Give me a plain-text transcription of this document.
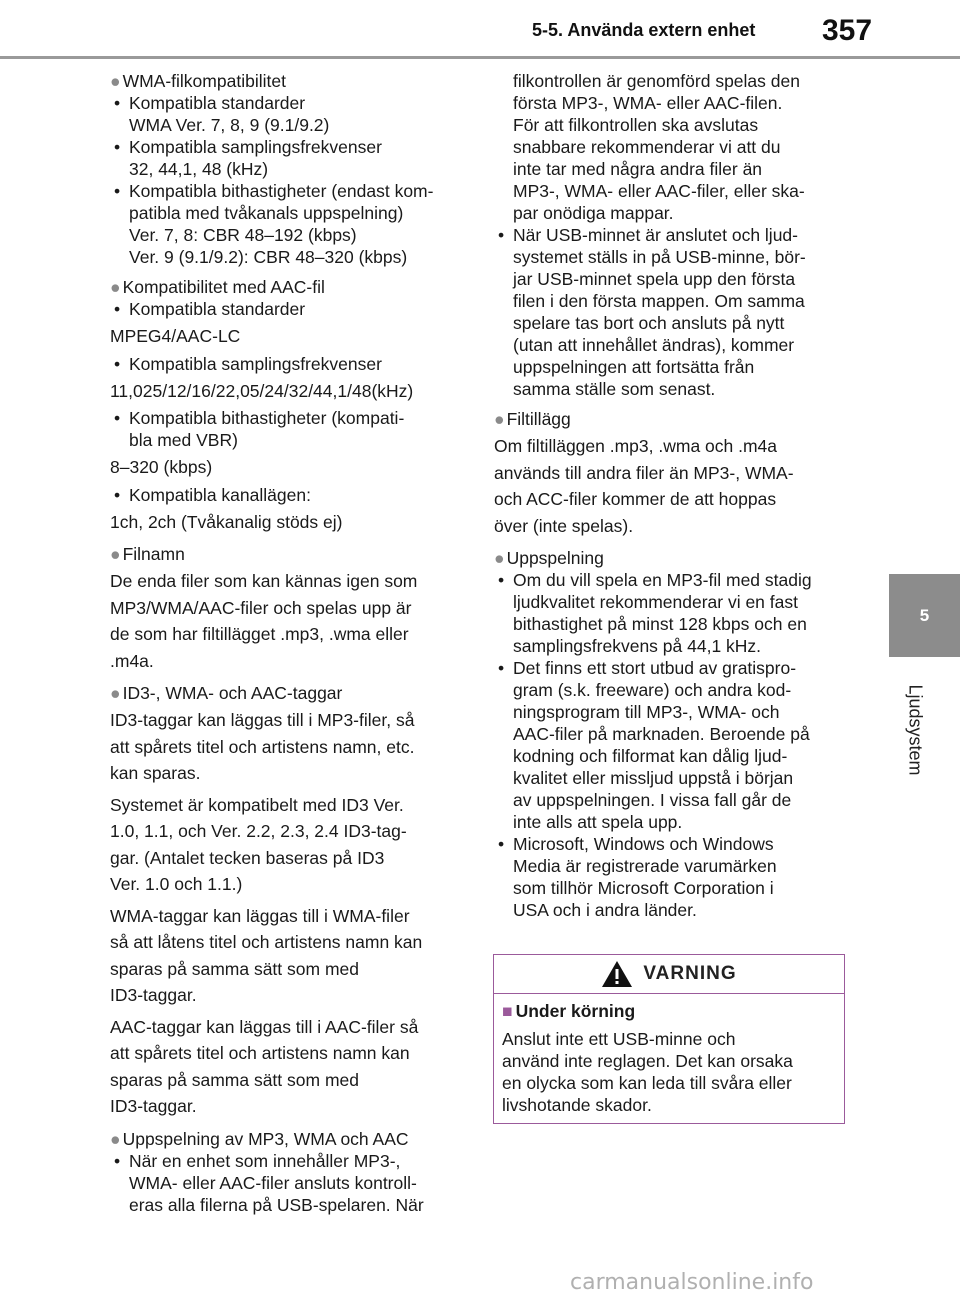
5-5. Använda extern enhet 357
5
Ljudsystem
● WMA-filkompatibilitet
• Kompatibla standarder
WMA Ver. 7, 8, 9 (9.1/9.2)
• Kompatibla samplingsfrekvenser
32, 44,1, 48 (kHz)
• Kompatibla bithastigheter (endast kom-
patibla med tvåkanals uppspelning)
Ver. 7, 8: CBR 48–192 (kbps)
Ver. 9 (9.1/9.2): CBR 48–320 (kbps)
● Kompatibilitet med AAC-fil
• Kompatibla standarder
MPEG4/AAC-LC
• Kompatibla samplingsfrekvenser
11,025/12/16/22,05/24/32/44,1/48(kHz)
• Kompatibla bithastigheter (kompati-
bla med VBR)
8–320 (kbps)
• Kompatibla kanallägen:
1ch, 2ch (Tvåkanalig stöds ej)
● Filnamn
De enda filer som kan kännas igen som
MP3/WMA/AAC-filer och spelas upp är
de som har filtillägget .mp3, .wma eller
.m4a.
● ID3-, WMA- och AAC-taggar
ID3-taggar kan läggas till i MP3-filer, så
att spårets titel och artistens namn, etc.
kan sparas.
Systemet är kompatibelt med ID3 Ver.
1.0, 1.1, och Ver. 2.2, 2.3, 2.4 ID3-tag-
gar. (Antalet tecken baseras på ID3
Ver. 1.0 och 1.1.)
WMA-taggar kan läggas till i WMA-filer
så att låtens titel och artistens namn kan
sparas på samma sätt som med
ID3-taggar.
AAC-taggar kan läggas till i AAC-filer så
att spårets titel och artistens namn kan
sparas på samma sätt som med
ID3-taggar.
● Uppspelning av MP3, WMA och AAC
• När en enhet som innehåller MP3-,
WMA- eller AAC-filer ansluts kontroll-
eras alla filerna på USB-spelaren. När
filkontrollen är genomförd spelas den
första MP3-, WMA- eller AAC-filen.
För att filkontrollen ska avslutas
snabbare rekommenderar vi att du
inte tar med några andra filer än
MP3-, WMA- eller AAC-filer, eller ska-
par onödiga mappar.
• När USB-minnet är anslutet och ljud-
systemet ställs in på USB-minne, bör-
jar USB-minnet spela upp den första
filen i den första mappen. Om samma
spelare tas bort och ansluts på nytt
(utan att innehållet ändras), kommer
uppspelningen att fortsätta från
samma ställe som senast.
● Filtillägg
Om filtilläggen .mp3, .wma och .m4a
används till andra filer än MP3-, WMA-
och ACC-filer kommer de att hoppas
över (inte spelas).
● Uppspelning
• Om du vill spela en MP3-fil med stadig
ljudkvalitet rekommenderar vi en fast
bithastighet på minst 128 kbps och en
samplingsfrekvens på 44,1 kHz.
• Det finns ett stort utbud av gratispro-
gram (s.k. freeware) och andra kod-
ningsprogram till MP3-, WMA- och
AAC-filer på marknaden. Beroende på
kodning och filformat kan dålig ljud-
kvalitet eller missljud uppstå i början
av uppspelningen. I vissa fall går de
inte alls att spela upp.
• Microsoft, Windows och Windows
Media är registrerade varumärken
som tillhör Microsoft Corporation i
USA och i andra länder.
VARNING
■ Under körning
Anslut inte ett USB-minne och
använd inte reglagen. Det kan orsaka
en olycka som kan leda till svåra eller
livshotande skador.
carmanualsonline.info
